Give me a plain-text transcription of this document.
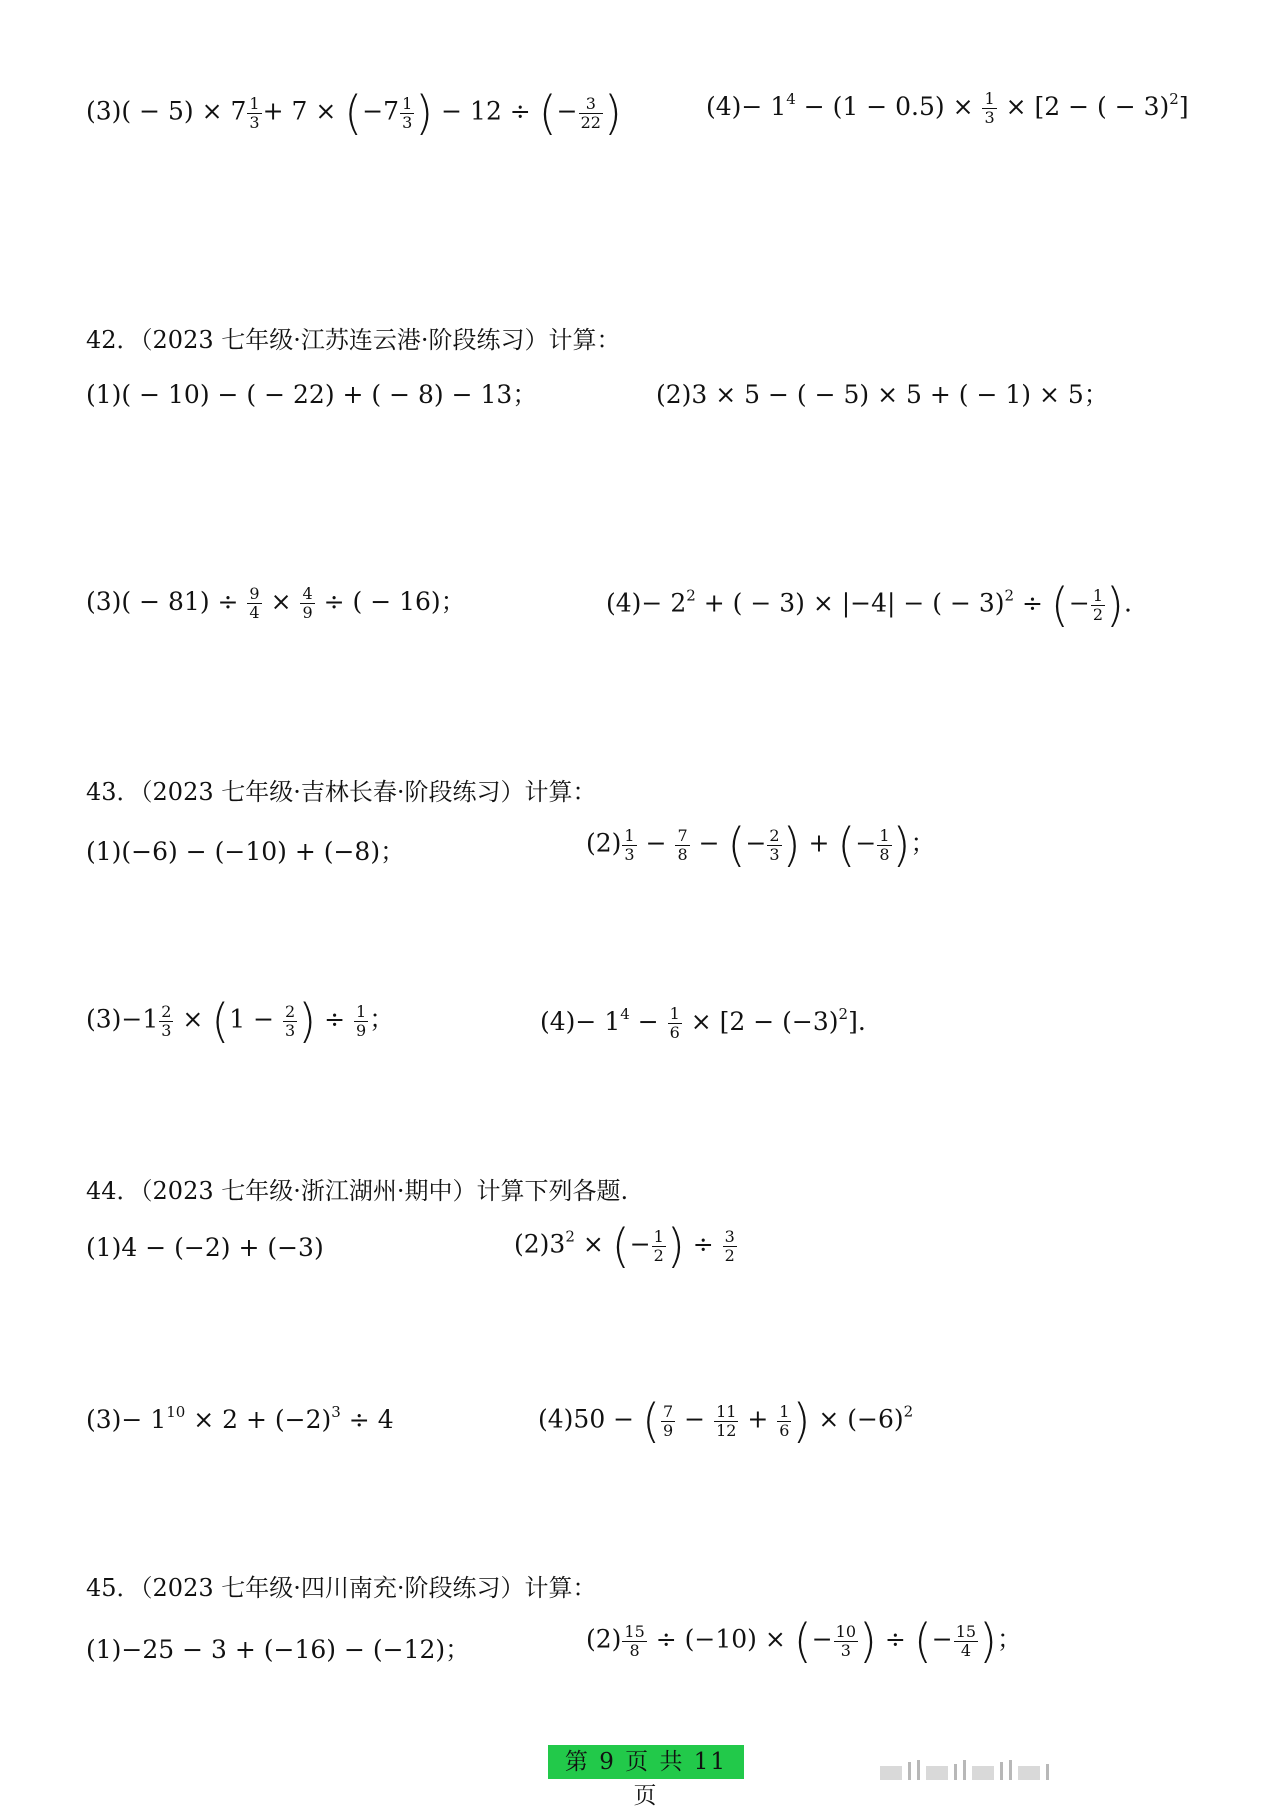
$(3)( - 5) \times 7 \frac{1}{3} + 7 \times (-7 \frac{1}{3}$ ) − 12 ÷ (− $\frac{3}{22}$ )	$(4)- 1^4 - (1 - 0.5) \times \frac{1}{3} \times [2$ − ( − 3)$^2$]
42．（2023 七年级·江苏连云港·阶段练习）计算：
(1)( − 10) − ( − 22) + ( − 8) − 13；	(2)3 × 5 − ( − 5) × 5 + ( − 1) × 5；
$(3)( - 81) \div \frac{9}{4} \times \frac{4}{9}$ ÷ ( − 16)；	$(4)- 2^2$ + ( − 3) × |−4| − ( − 3)$^2$ ÷ (− $\frac{1}{2}$ ).
43．（2023 七年级·吉林长春·阶段练习）计算：
(1)(−6) − (−10) + (−8)；	$(2) \frac{1}{3} - \frac{7}{8}$ − (− $\frac{2}{3}$ ) + (− $\frac{1}{8}$ )；
$(3)-1 \frac{2}{3} \times (1 - \frac{2}{3}$ ) ÷ $\frac{1}{9}$ ；	$(4)- 1^4 - \frac{1}{6} \times [2 - (-3)^2]$.
44．（2023 七年级·浙江湖州·期中）计算下列各题.
(1)4 − (−2) + (−3)	$(2)3^2$ × (− $\frac{1}{2}$ ) ÷ $\frac{3}{2}$
$(3)- 1^{10} \times 2 + (-2)^3 \div 4$	(4)50 − ( $\frac{7}{9} - \frac{11}{12} + \frac{1}{6}$ ) × $(-6)^2$
45．（2023 七年级·四川南充·阶段练习）计算：
(1)−25 − 3 + (−16) − (−12)；	$(2) \frac{15}{8} \div (-10)$ × (− $\frac{10}{3}$ ) ÷ (− $\frac{15}{4}$ )；
第 9 页 共 11 页
